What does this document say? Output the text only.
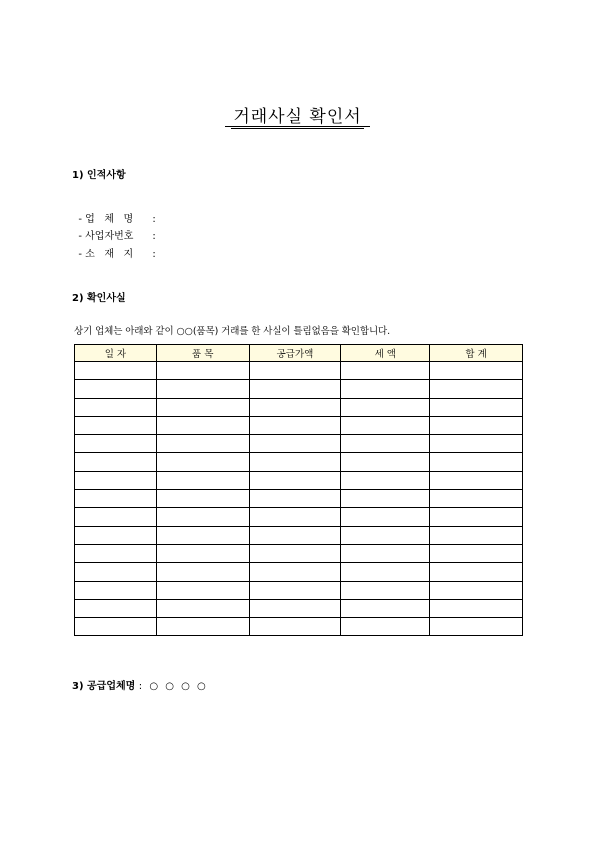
거래사실 확인서
1) 인적사항

- 업   체   명 :

- 사업자번호 :

- 소   재   지 :

2) 확인사실
상기 업체는 아래와 같이 ○○(품목) 거래를 한 사실이 틀림없음을 확인합니다.
일 자	품 목	공급가액	세 액	합 계

3) 공급업체명 : ○ ○ ○ ○
